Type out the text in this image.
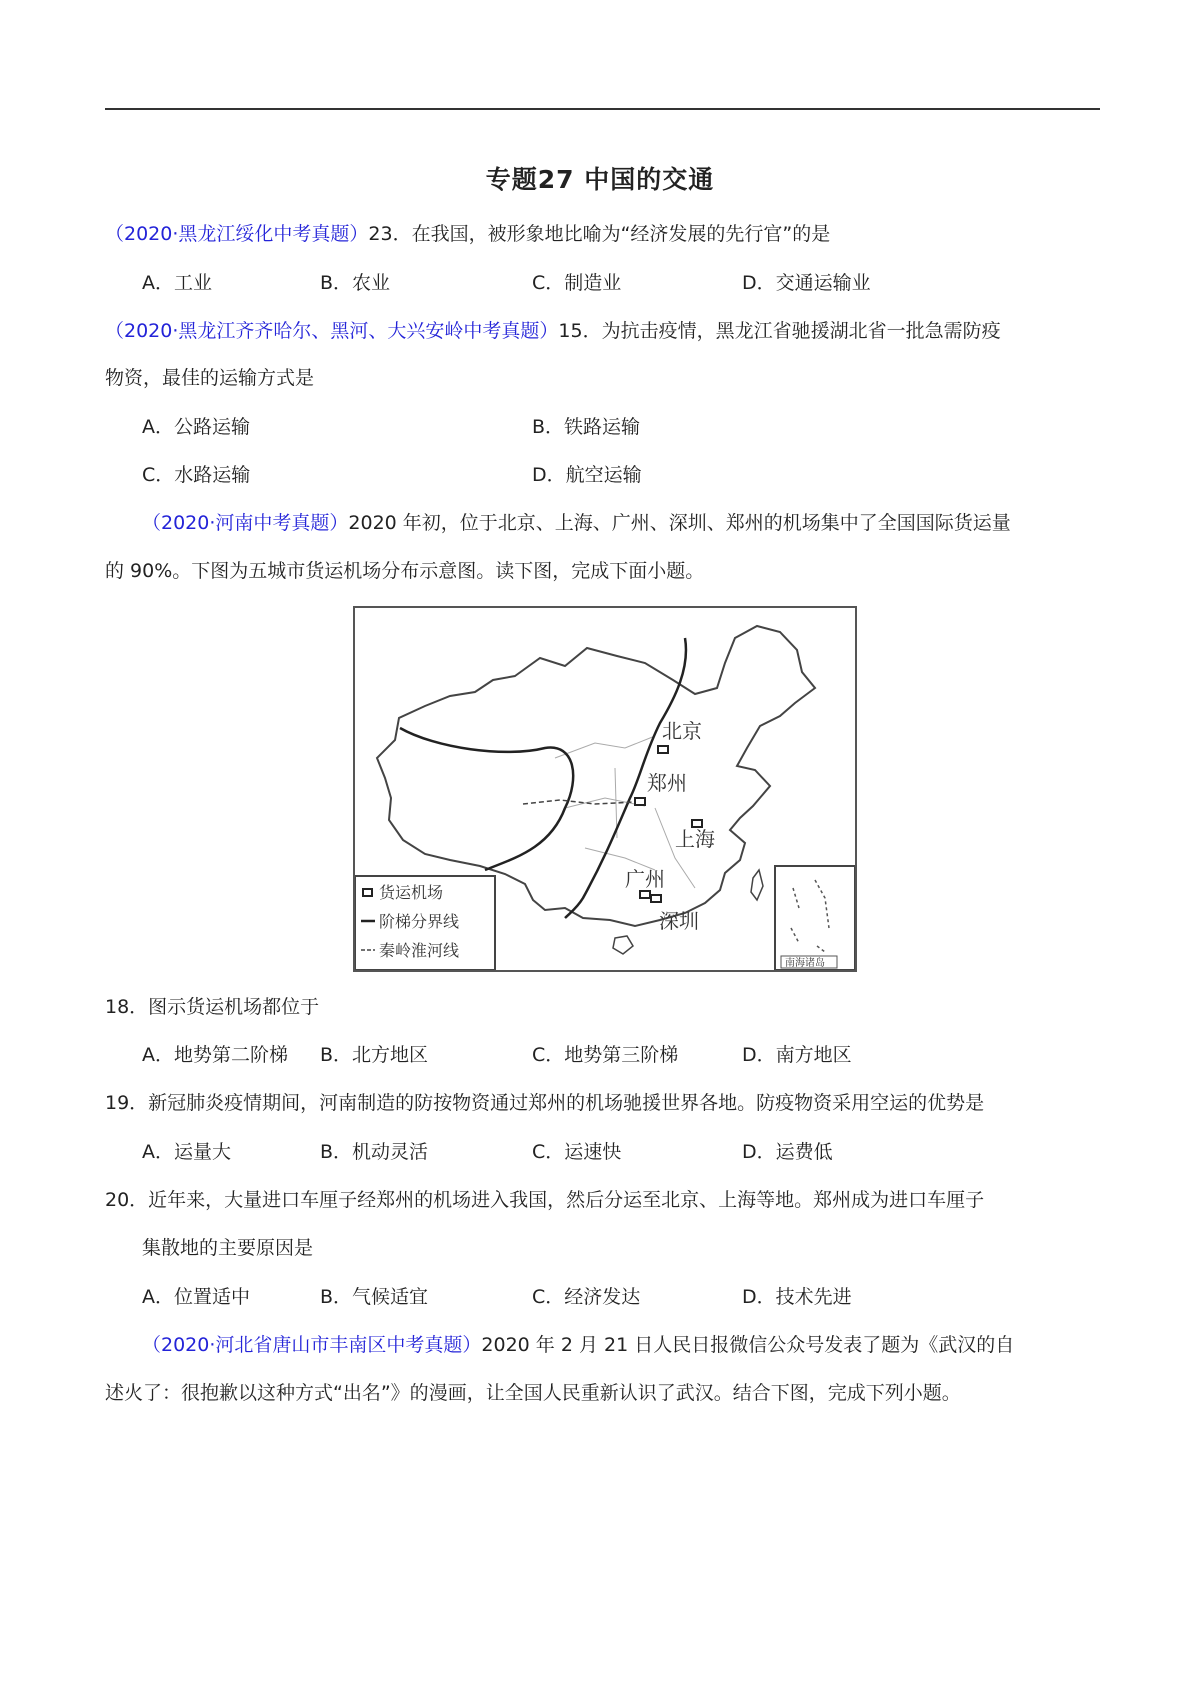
专题27 中国的交通
（2020·黑龙江绥化中考真题）23．在我国，被形象地比喻为“经济发展的先行官”的是
A．工业	B．农业	C．制造业	D．交通运输业
（2020·黑龙江齐齐哈尔、黑河、大兴安岭中考真题）15．为抗击疫情，黑龙江省驰援湖北省一批急需防疫
物资，最佳的运输方式是
A．公路运输	B．铁路运输
C．水路运输	D．航空运输
（2020·河南中考真题）2020 年初，位于北京、上海、广州、深圳、郑州的机场集中了全国国际货运量
的 90%。下图为五城市货运机场分布示意图。读下图，完成下面小题。
北京
郑州
上海
广州
深圳
货运机场
阶梯分界线
秦岭淮河线
南海诸岛
18．图示货运机场都位于
A．地势第二阶梯 B．北方地区	C．地势第三阶梯	D．南方地区
19．新冠肺炎疫情期间，河南制造的防按物资通过郑州的机场驰援世界各地。防疫物资采用空运的优势是
A．运量大	B．机动灵活	C．运速快	D．运费低
20．近年来，大量进口车厘子经郑州的机场进入我国，然后分运至北京、上海等地。郑州成为进口车厘子
集散地的主要原因是
A．位置适中	B．气候适宜	C．经济发达	D．技术先进
（2020·河北省唐山市丰南区中考真题）2020 年 2 月 21 日人民日报微信公众号发表了题为《武汉的自
述火了：很抱歉以这种方式“出名”》的漫画，让全国人民重新认识了武汉。结合下图，完成下列小题。
